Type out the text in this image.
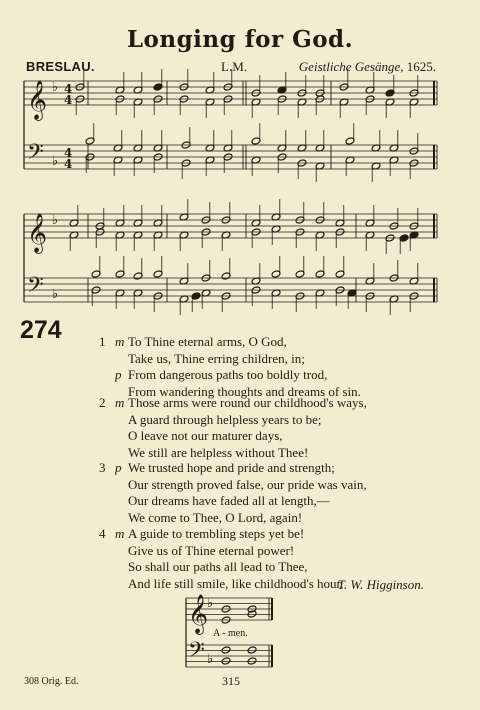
Longing for God.
BRESLAU.	L.M.	Geistliche Gesänge, 1625.
𝄞
𝄢
♭
♭
4
4
4
4
𝄞
𝄢
♭
♭
274	1 m To Thine eternal arms, O God,
Take us, Thine erring children, in;
p From dangerous paths too boldly trod,
From wandering thoughts and dreams of sin.
2 m Those arms were round our childhood's ways,
A guard through helpless years to be;
O leave not our maturer days,
We still are helpless without Thee!
3 p We trusted hope and pride and strength;
Our strength proved false, our pride was vain,
Our dreams have faded all at length,—
We come to Thee, O Lord, again!
4 m A guide to trembling steps yet be!
Give us of Thine eternal power!
So shall our paths all lead to Thee,
And life still smile, like childhood's hour.
T. W. Higginson.
𝄞
𝄢
♭
♭
A - men.
308 Orig. Ed.	315
